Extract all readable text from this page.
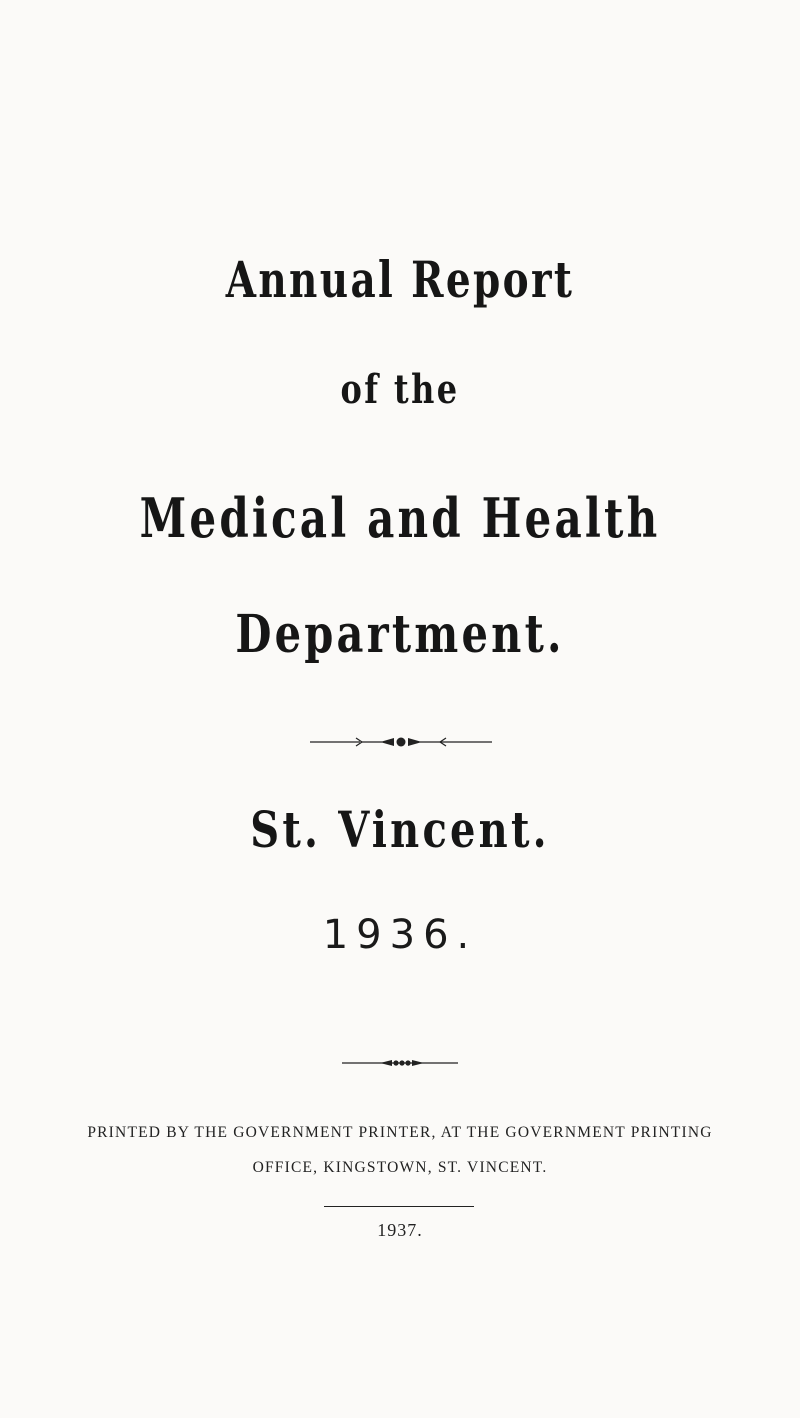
Annual Report
of the
Medical and Health
Department.
St. Vincent.
1936.
PRINTED BY THE GOVERNMENT PRINTER, AT THE GOVERNMENT PRINTING
OFFICE, KINGSTOWN, ST. VINCENT.
1937.
